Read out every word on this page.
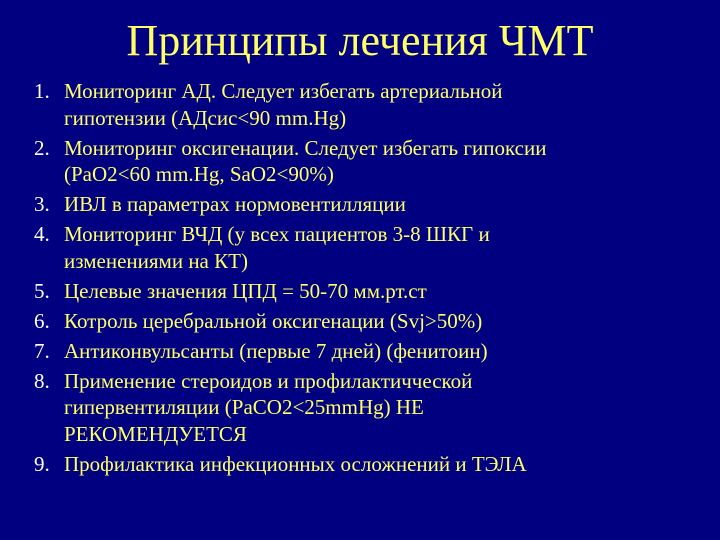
Принципы лечения ЧМТ
1. Мониторинг АД. Следует избегать артериальной
гипотензии (АДсис<90 mm.Hg)
2. Мониторинг оксигенации. Следует избегать гипоксии
(PaO2<60 mm.Hg, SaO2<90%)
3. ИВЛ в параметрах нормовентилляции
4. Мониторинг ВЧД (у всех пациентов 3-8 ШКГ и
изменениями на КТ)
5. Целевые значения ЦПД = 50-70 мм.рт.ст
6. Котроль церебральной оксигенации (Svj>50%)
7. Антиконвульсанты (первые 7 дней) (фенитоин)
8. Применение стероидов и профилактичческой
гипервентиляции (PaCO2<25mmHg) НЕ
РЕКОМЕНДУЕТСЯ
9. Профилактика инфекционных осложнений и ТЭЛА
